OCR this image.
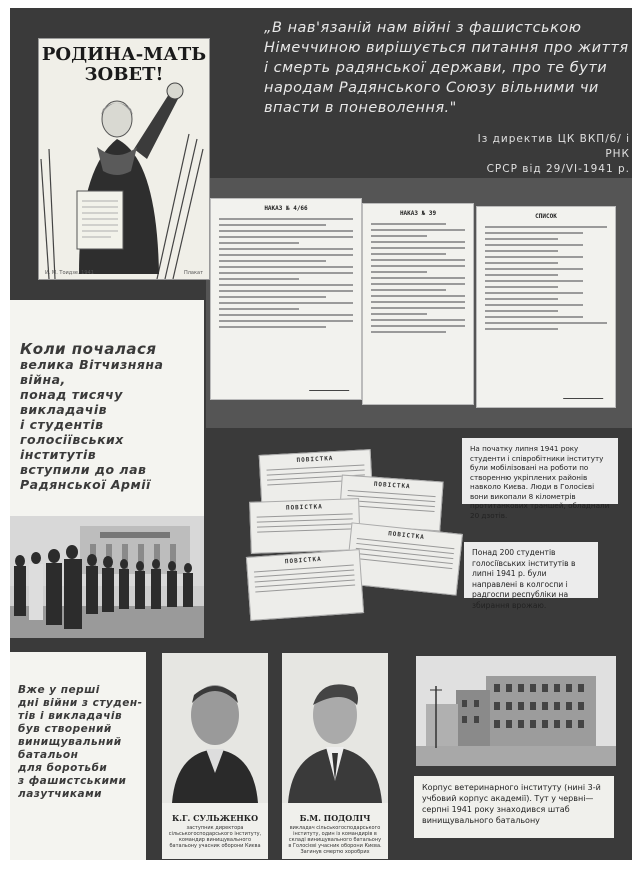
РОДИНА-МАТЬ
ЗОВЕТ!
И. М. Тоидзе. 1941	Плакат
„В нав'язаній нам війні з фашистською Німеччиною вирішується питання про життя і смерть радянської держави, про те бути народам Радянського Союзу вільними чи впасти в поневолення."
Із директив ЦК ВКП/б/ і РНК
СРСР від 29/VI-1941 р.
НАКАЗ № 4/66
НАКАЗ № 39	СПИСОК
Коли почалася
велика Вітчизняна
війна,
понад тисячу
викладачів
і студентів
голосіївських
інститутів
вступили до лав
Радянської Армії
ПОВІСТКА
ПОВІСТКА
ПОВІСТКА
ПОВІСТКА
ПОВІСТКА
На початку липня 1941 року студенти і співробітники інституту були мобілізовані на роботи по створенню укріплених районів навколо Києва. Люди в Голосієві вони викопали 8 кілометрів протитанкових траншей, обладнали 20 дзотів.
Понад 200 студентів голосіївських інститутів в липні 1941 р. були направлені в колгоспи і радгоспи республіки на збирання врожаю.
Вже у перші
дні війни з студен-
тів і викладачів
був створений
винищувальний
батальон
для боротьби
з фашистськими
лазутчиками
К.Г. СУЛЬЖЕНКО
заступник директора сільськогосподарського інституту, командир винищувального батальону учасник оборони Києва
Б.М. ПОДОЛІЧ
викладач сільськогосподарського інституту, один із командирів в складі винищувального батальону в Голосієві учасник оборони Києва. Загинув смертю хоробрих
Корпус ветеринарного інституту (нині 3-й учбовий корпус академії). Тут у червні—серпні 1941 року знаходився штаб винищувального батальону
